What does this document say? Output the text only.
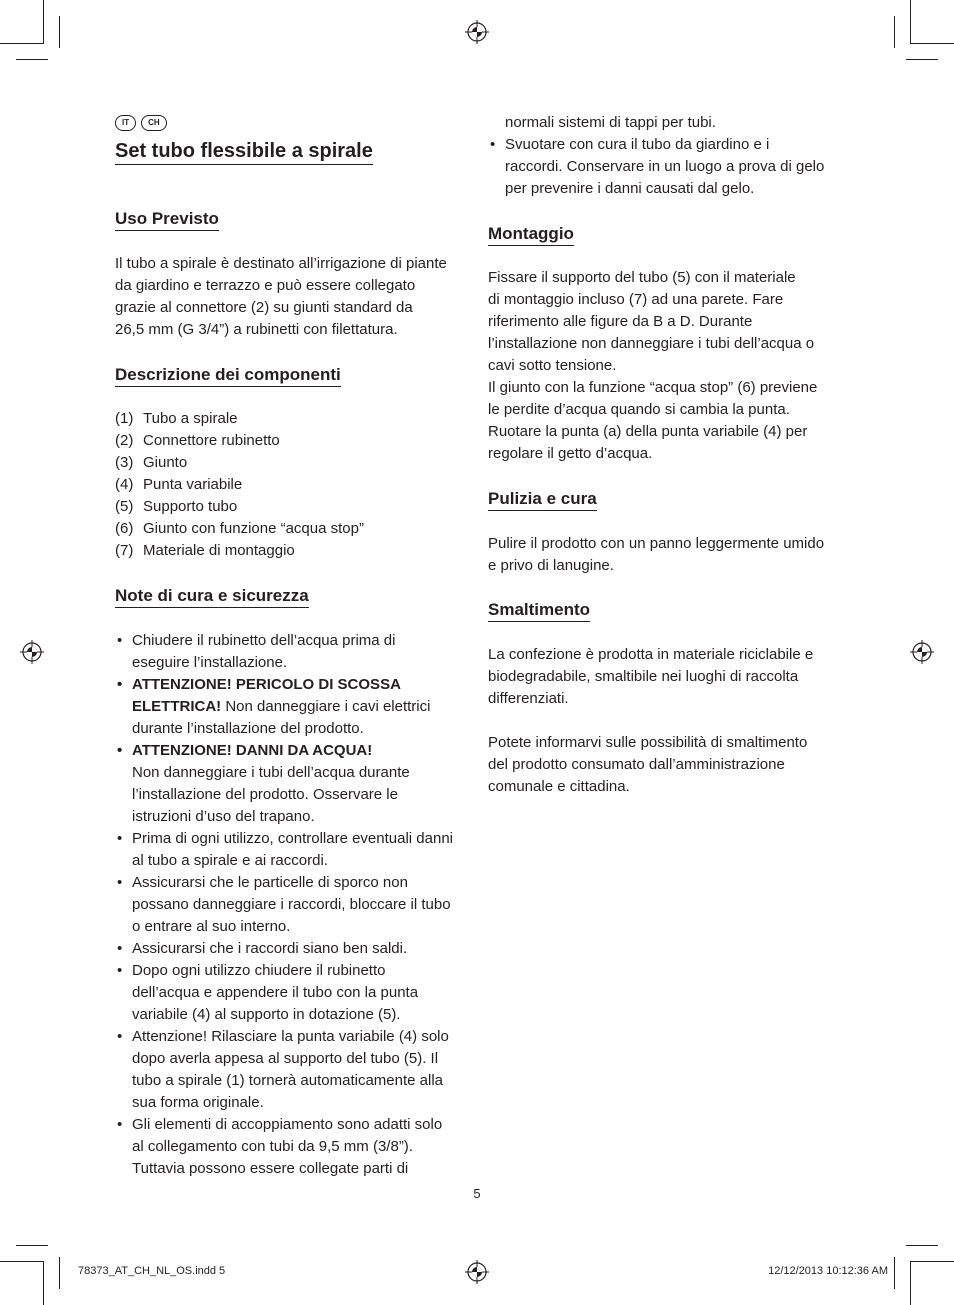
IT	CH
Set tubo flessibile a spirale
Uso Previsto
Il tubo a spirale è destinato all’irrigazione di piante
da giardino e terrazzo e può essere collegato
grazie al connettore (2) su giunti standard da
26,5 mm (G 3/4”) a rubinetti con filettatura.
Descrizione dei componenti
(1) Tubo a spirale
(2) Connettore rubinetto
(3) Giunto
(4) Punta variabile
(5) Supporto tubo
(6) Giunto con funzione “acqua stop”
(7) Materiale di montaggio
Note di cura e sicurezza
• Chiudere il rubinetto dell’acqua prima di
eseguire l’installazione.
• ATTENZIONE! PERICOLO DI SCOSSA
ELETTRICA! Non danneggiare i cavi elettrici
durante l’installazione del prodotto.
• ATTENZIONE! DANNI DA ACQUA!
Non danneggiare i tubi dell’acqua durante
l’installazione del prodotto. Osservare le
istruzioni d’uso del trapano.
• Prima di ogni utilizzo, controllare eventuali danni
al tubo a spirale e ai raccordi.
• Assicurarsi che le particelle di sporco non
possano danneggiare i raccordi, bloccare il tubo
o entrare al suo interno.
• Assicurarsi che i raccordi siano ben saldi.
• Dopo ogni utilizzo chiudere il rubinetto
dell’acqua e appendere il tubo con la punta
variabile (4) al supporto in dotazione (5).
• Attenzione! Rilasciare la punta variabile (4) solo
dopo averla appesa al supporto del tubo (5). Il
tubo a spirale (1) tornerà automaticamente alla
sua forma originale.
• Gli elementi di accoppiamento sono adatti solo
al collegamento con tubi da 9,5 mm (3/8”).
Tuttavia possono essere collegate parti di
normali sistemi di tappi per tubi.
• Svuotare con cura il tubo da giardino e i
raccordi. Conservare in un luogo a prova di gelo
per prevenire i danni causati dal gelo.
Montaggio
Fissare il supporto del tubo (5) con il materiale
di montaggio incluso (7) ad una parete. Fare
riferimento alle figure da B a D. Durante
l’installazione non danneggiare i tubi dell’acqua o
cavi sotto tensione.
Il giunto con la funzione “acqua stop” (6) previene
le perdite d’acqua quando si cambia la punta.
Ruotare la punta (a) della punta variabile (4) per
regolare il getto d’acqua.
Pulizia e cura
Pulire il prodotto con un panno leggermente umido
e privo di lanugine.
Smaltimento
La confezione è prodotta in materiale riciclabile e
biodegradabile, smaltibile nei luoghi di raccolta
differenziati.
Potete informarvi sulle possibilità di smaltimento
del prodotto consumato dall’amministrazione
comunale e cittadina.
5
78373_AT_CH_NL_OS.indd 5	12/12/2013 10:12:36 AM
